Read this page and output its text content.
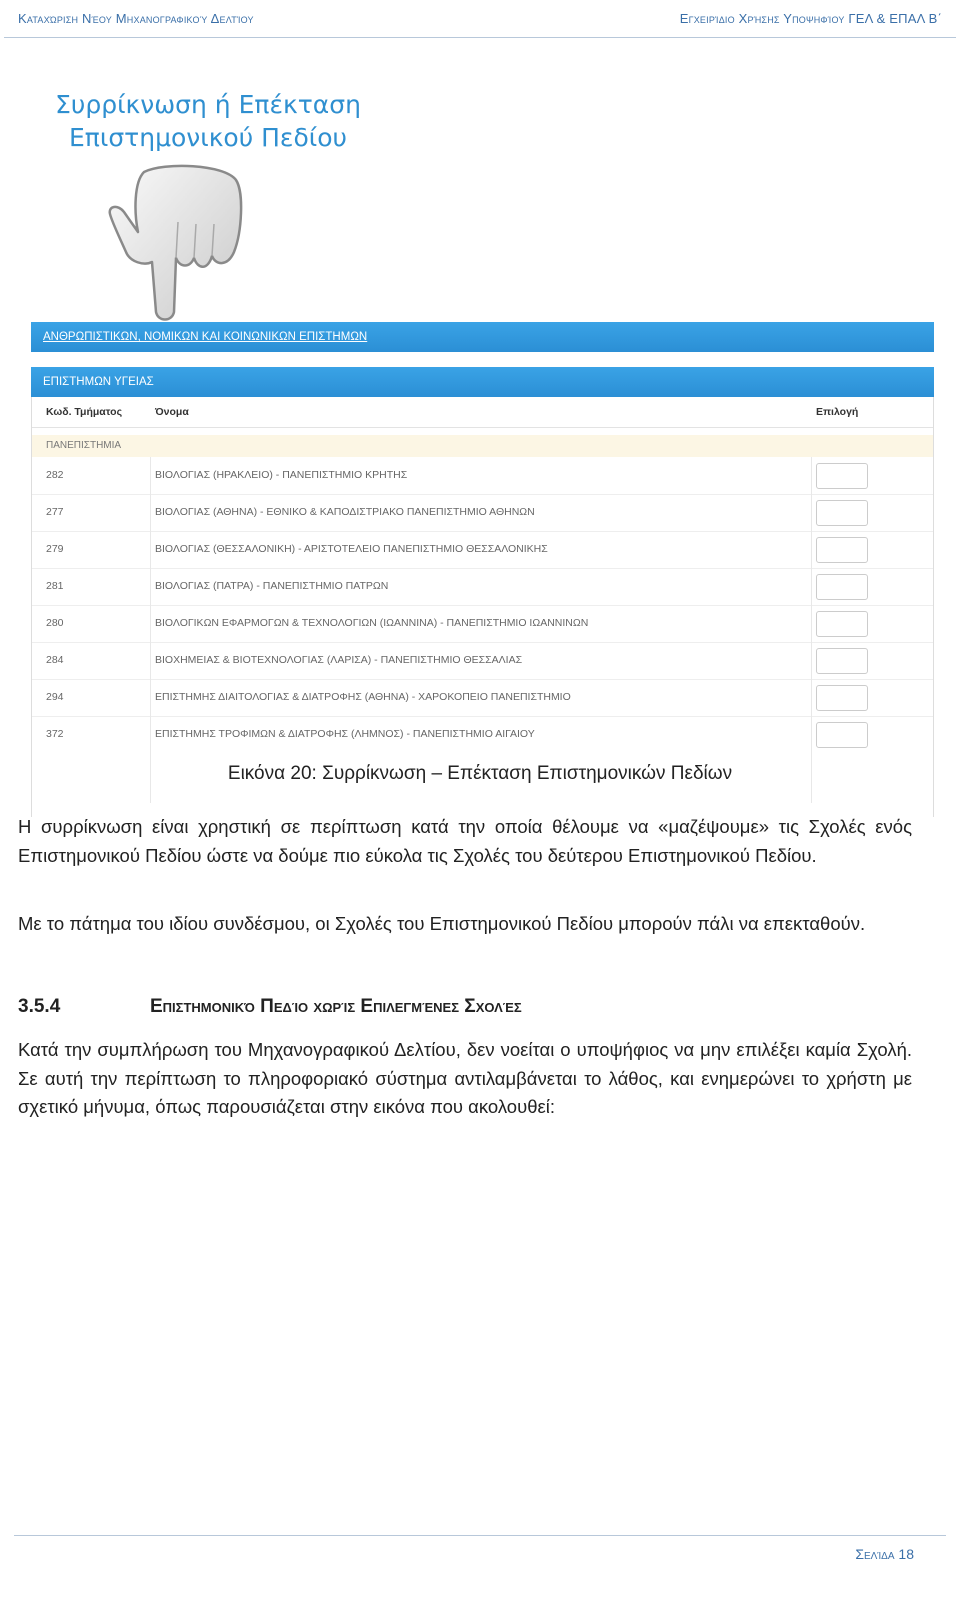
Καταχώριση Νέου Μηχανογραφικού Δελτίου	Εγχειρίδιο Χρήσης Υποψηφίου ΓΕΛ & ΕΠΑΛ Β΄
Συρρίκνωση ή Επέκταση
Επιστημονικού Πεδίου
ΑΝΘΡΩΠΙΣΤΙΚΩΝ, ΝΟΜΙΚΩΝ ΚΑΙ ΚΟΙΝΩΝΙΚΩΝ ΕΠΙΣΤΗΜΩΝ
ΕΠΙΣΤΗΜΩΝ ΥΓΕΙΑΣ
Κωδ. Τμήματος	Όνομα	Επιλογή
ΠΑΝΕΠΙΣΤΗΜΙΑ
282	ΒΙΟΛΟΓΙΑΣ (ΗΡΑΚΛΕΙΟ) - ΠΑΝΕΠΙΣΤΗΜΙΟ ΚΡΗΤΗΣ
277	ΒΙΟΛΟΓΙΑΣ (ΑΘΗΝΑ) - ΕΘΝΙΚΟ & ΚΑΠΟΔΙΣΤΡΙΑΚΟ ΠΑΝΕΠΙΣΤΗΜΙΟ ΑΘΗΝΩΝ
279	ΒΙΟΛΟΓΙΑΣ (ΘΕΣΣΑΛΟΝΙΚΗ) - ΑΡΙΣΤΟΤΕΛΕΙΟ ΠΑΝΕΠΙΣΤΗΜΙΟ ΘΕΣΣΑΛΟΝΙΚΗΣ
281	ΒΙΟΛΟΓΙΑΣ (ΠΑΤΡΑ) - ΠΑΝΕΠΙΣΤΗΜΙΟ ΠΑΤΡΩΝ
280	ΒΙΟΛΟΓΙΚΩΝ ΕΦΑΡΜΟΓΩΝ & ΤΕΧΝΟΛΟΓΙΩΝ (ΙΩΑΝΝΙΝΑ) - ΠΑΝΕΠΙΣΤΗΜΙΟ ΙΩΑΝΝΙΝΩΝ
284	ΒΙΟΧΗΜΕΙΑΣ & ΒΙΟΤΕΧΝΟΛΟΓΙΑΣ (ΛΑΡΙΣΑ) - ΠΑΝΕΠΙΣΤΗΜΙΟ ΘΕΣΣΑΛΙΑΣ
294	ΕΠΙΣΤΗΜΗΣ ΔΙΑΙΤΟΛΟΓΙΑΣ & ΔΙΑΤΡΟΦΗΣ (ΑΘΗΝΑ) - ΧΑΡΟΚΟΠΕΙΟ ΠΑΝΕΠΙΣΤΗΜΙΟ
372	ΕΠΙΣΤΗΜΗΣ ΤΡΟΦΙΜΩΝ & ΔΙΑΤΡΟΦΗΣ (ΛΗΜΝΟΣ) - ΠΑΝΕΠΙΣΤΗΜΙΟ ΑΙΓΑΙΟΥ
Εικόνα 20: Συρρίκνωση – Επέκταση Επιστημονικών Πεδίων
Η συρρίκνωση είναι χρηστική σε περίπτωση κατά την οποία θέλουμε να «μαζέψουμε» τις Σχολές ενός Επιστημονικού Πεδίου ώστε να δούμε πιο εύκολα τις Σχολές του δεύτερου Επιστημονικού Πεδίου.
Με το πάτημα του ιδίου συνδέσμου, οι Σχολές του Επιστημονικού Πεδίου μπορούν πάλι να επεκταθούν.
3.5.4	Επιστημονικό Πεδίο χωρίς Επιλεγμένες Σχολές
Κατά την συμπλήρωση του Μηχανογραφικού Δελτίου, δεν νοείται ο υποψήφιος να μην επιλέξει καμία Σχολή. Σε αυτή την περίπτωση το πληροφοριακό σύστημα αντιλαμβάνεται το λάθος, και ενημερώνει το χρήστη με σχετικό μήνυμα, όπως παρουσιάζεται στην εικόνα που ακολουθεί:
Σελίδα 18
